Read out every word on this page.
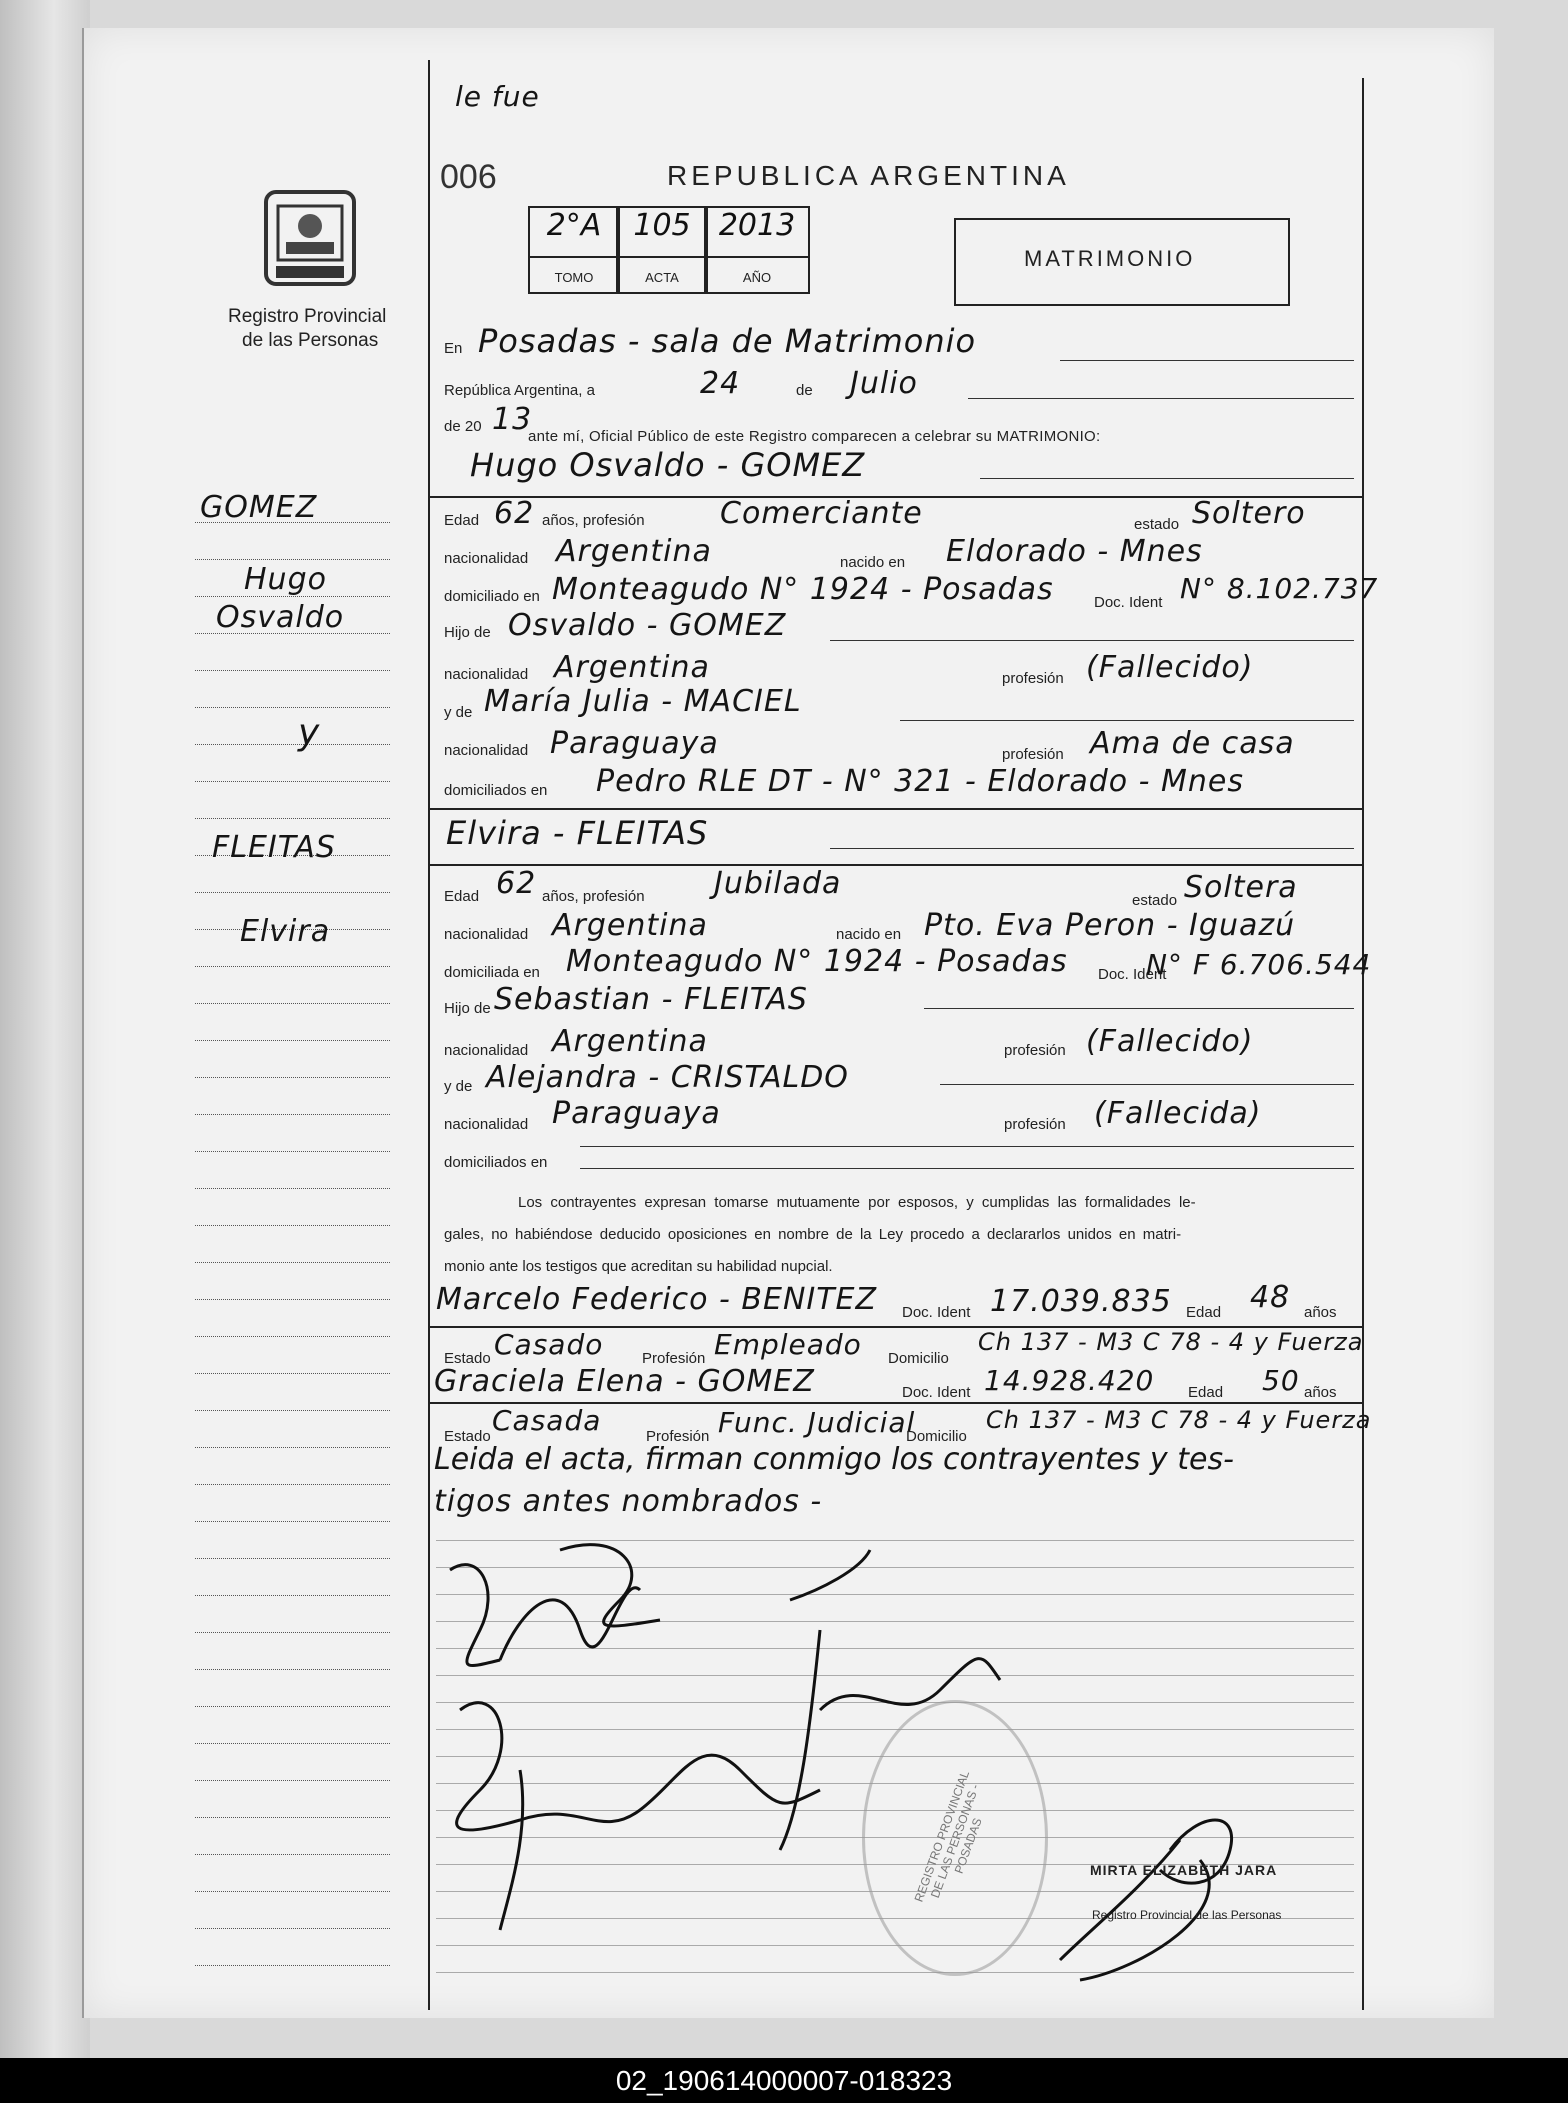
le fue
006	REPUBLICA ARGENTINA
Registro Provincial
de las Personas
2°A	105 2013
TOMO	ACTA	AÑO
MATRIMONIO
GOMEZ
Hugo
Osvaldo
y
FLEITAS
Elvira
En Posadas - sala de Matrimonio
República Argentina, a	24	de Julio
de 20 13
ante mí, Oficial Público de este Registro comparecen a celebrar su MATRIMONIO:
Hugo Osvaldo - GOMEZ
Edad 62 años, profesión	Comerciante	estado Soltero
nacionalidad Argentina	nacido en Eldorado - Mnes
domiciliado en Monteagudo N° 1924 - Posadas	Doc. Ident N° 8.102.737
Hijo de Osvaldo - GOMEZ
nacionalidad Argentina	profesión (Fallecido)
y de María Julia - MACIEL
nacionalidad Paraguaya	profesión Ama de casa
domiciliados en Pedro RLE DT - N° 321 - Eldorado - Mnes
Elvira - FLEITAS
Edad 62 años, profesión Jubilada	estado Soltera
nacionalidad Argentina	nacido en Pto. Eva Peron - Iguazú
domiciliada en Monteagudo N° 1924 - Posadas Doc. Ident
N° F 6.706.544
Hijo de Sebastian - FLEITAS
nacionalidad Argentina	profesión (Fallecido)
y de Alejandra - CRISTALDO
nacionalidad Paraguaya	profesión (Fallecida)
domiciliados en
Los contrayentes expresan tomarse mutuamente por esposos, y cumplidas las formalidades le-
gales, no habiéndose deducido oposiciones en nombre de la Ley procedo a declararlos unidos en matri-
monio ante los testigos que acreditan su habilidad nupcial.
Marcelo Federico - BENITEZ Doc. Ident 17.039.835 Edad 48 años
Estado Casado	Profesión Empleado Domicilio
Ch 137 - M3 C 78 - 4 y Fuerza
Graciela Elena - GOMEZ	Doc. Ident 14.928.420 Edad 50 años
Estado Casada	Profesión Func. Judicial
Domicilio
Ch 137 - M3 C 78 - 4 y Fuerza
Leida el acta, firman conmigo los contrayentes y tes-
tigos antes nombrados -
REGISTRO PROVINCIAL DE LAS PERSONAS - POSADAS	MIRTA ELIZABETH JARA
Registro Provincial de las Personas
02_190614000007-018323
